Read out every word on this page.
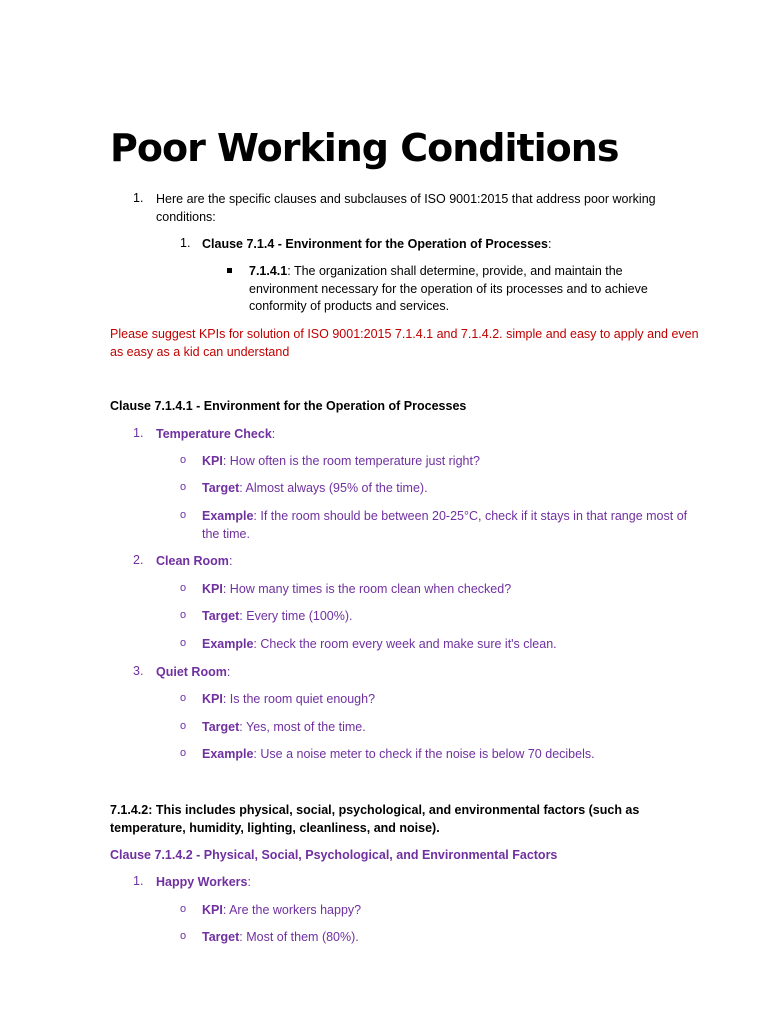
Poor Working Conditions
1. Here are the specific clauses and subclauses of ISO 9001:2015 that address poor working conditions:
1. Clause 7.1.4 - Environment for the Operation of Processes:
7.1.4.1: The organization shall determine, provide, and maintain the environment necessary for the operation of its processes and to achieve conformity of products and services.
Please suggest KPIs for solution of ISO 9001:2015 7.1.4.1 and 7.1.4.2. simple and easy to apply and even as easy as a kid can understand
Clause 7.1.4.1 - Environment for the Operation of Processes
1. Temperature Check:
o KPI: How often is the room temperature just right?
o Target: Almost always (95% of the time).
o Example: If the room should be between 20-25°C, check if it stays in that range most of the time.
2. Clean Room:
o KPI: How many times is the room clean when checked?
o Target: Every time (100%).
o Example: Check the room every week and make sure it's clean.
3. Quiet Room:
o KPI: Is the room quiet enough?
o Target: Yes, most of the time.
o Example: Use a noise meter to check if the noise is below 70 decibels.
7.1.4.2: This includes physical, social, psychological, and environmental factors (such as temperature, humidity, lighting, cleanliness, and noise).
Clause 7.1.4.2 - Physical, Social, Psychological, and Environmental Factors
1. Happy Workers:
o KPI: Are the workers happy?
o Target: Most of them (80%).
